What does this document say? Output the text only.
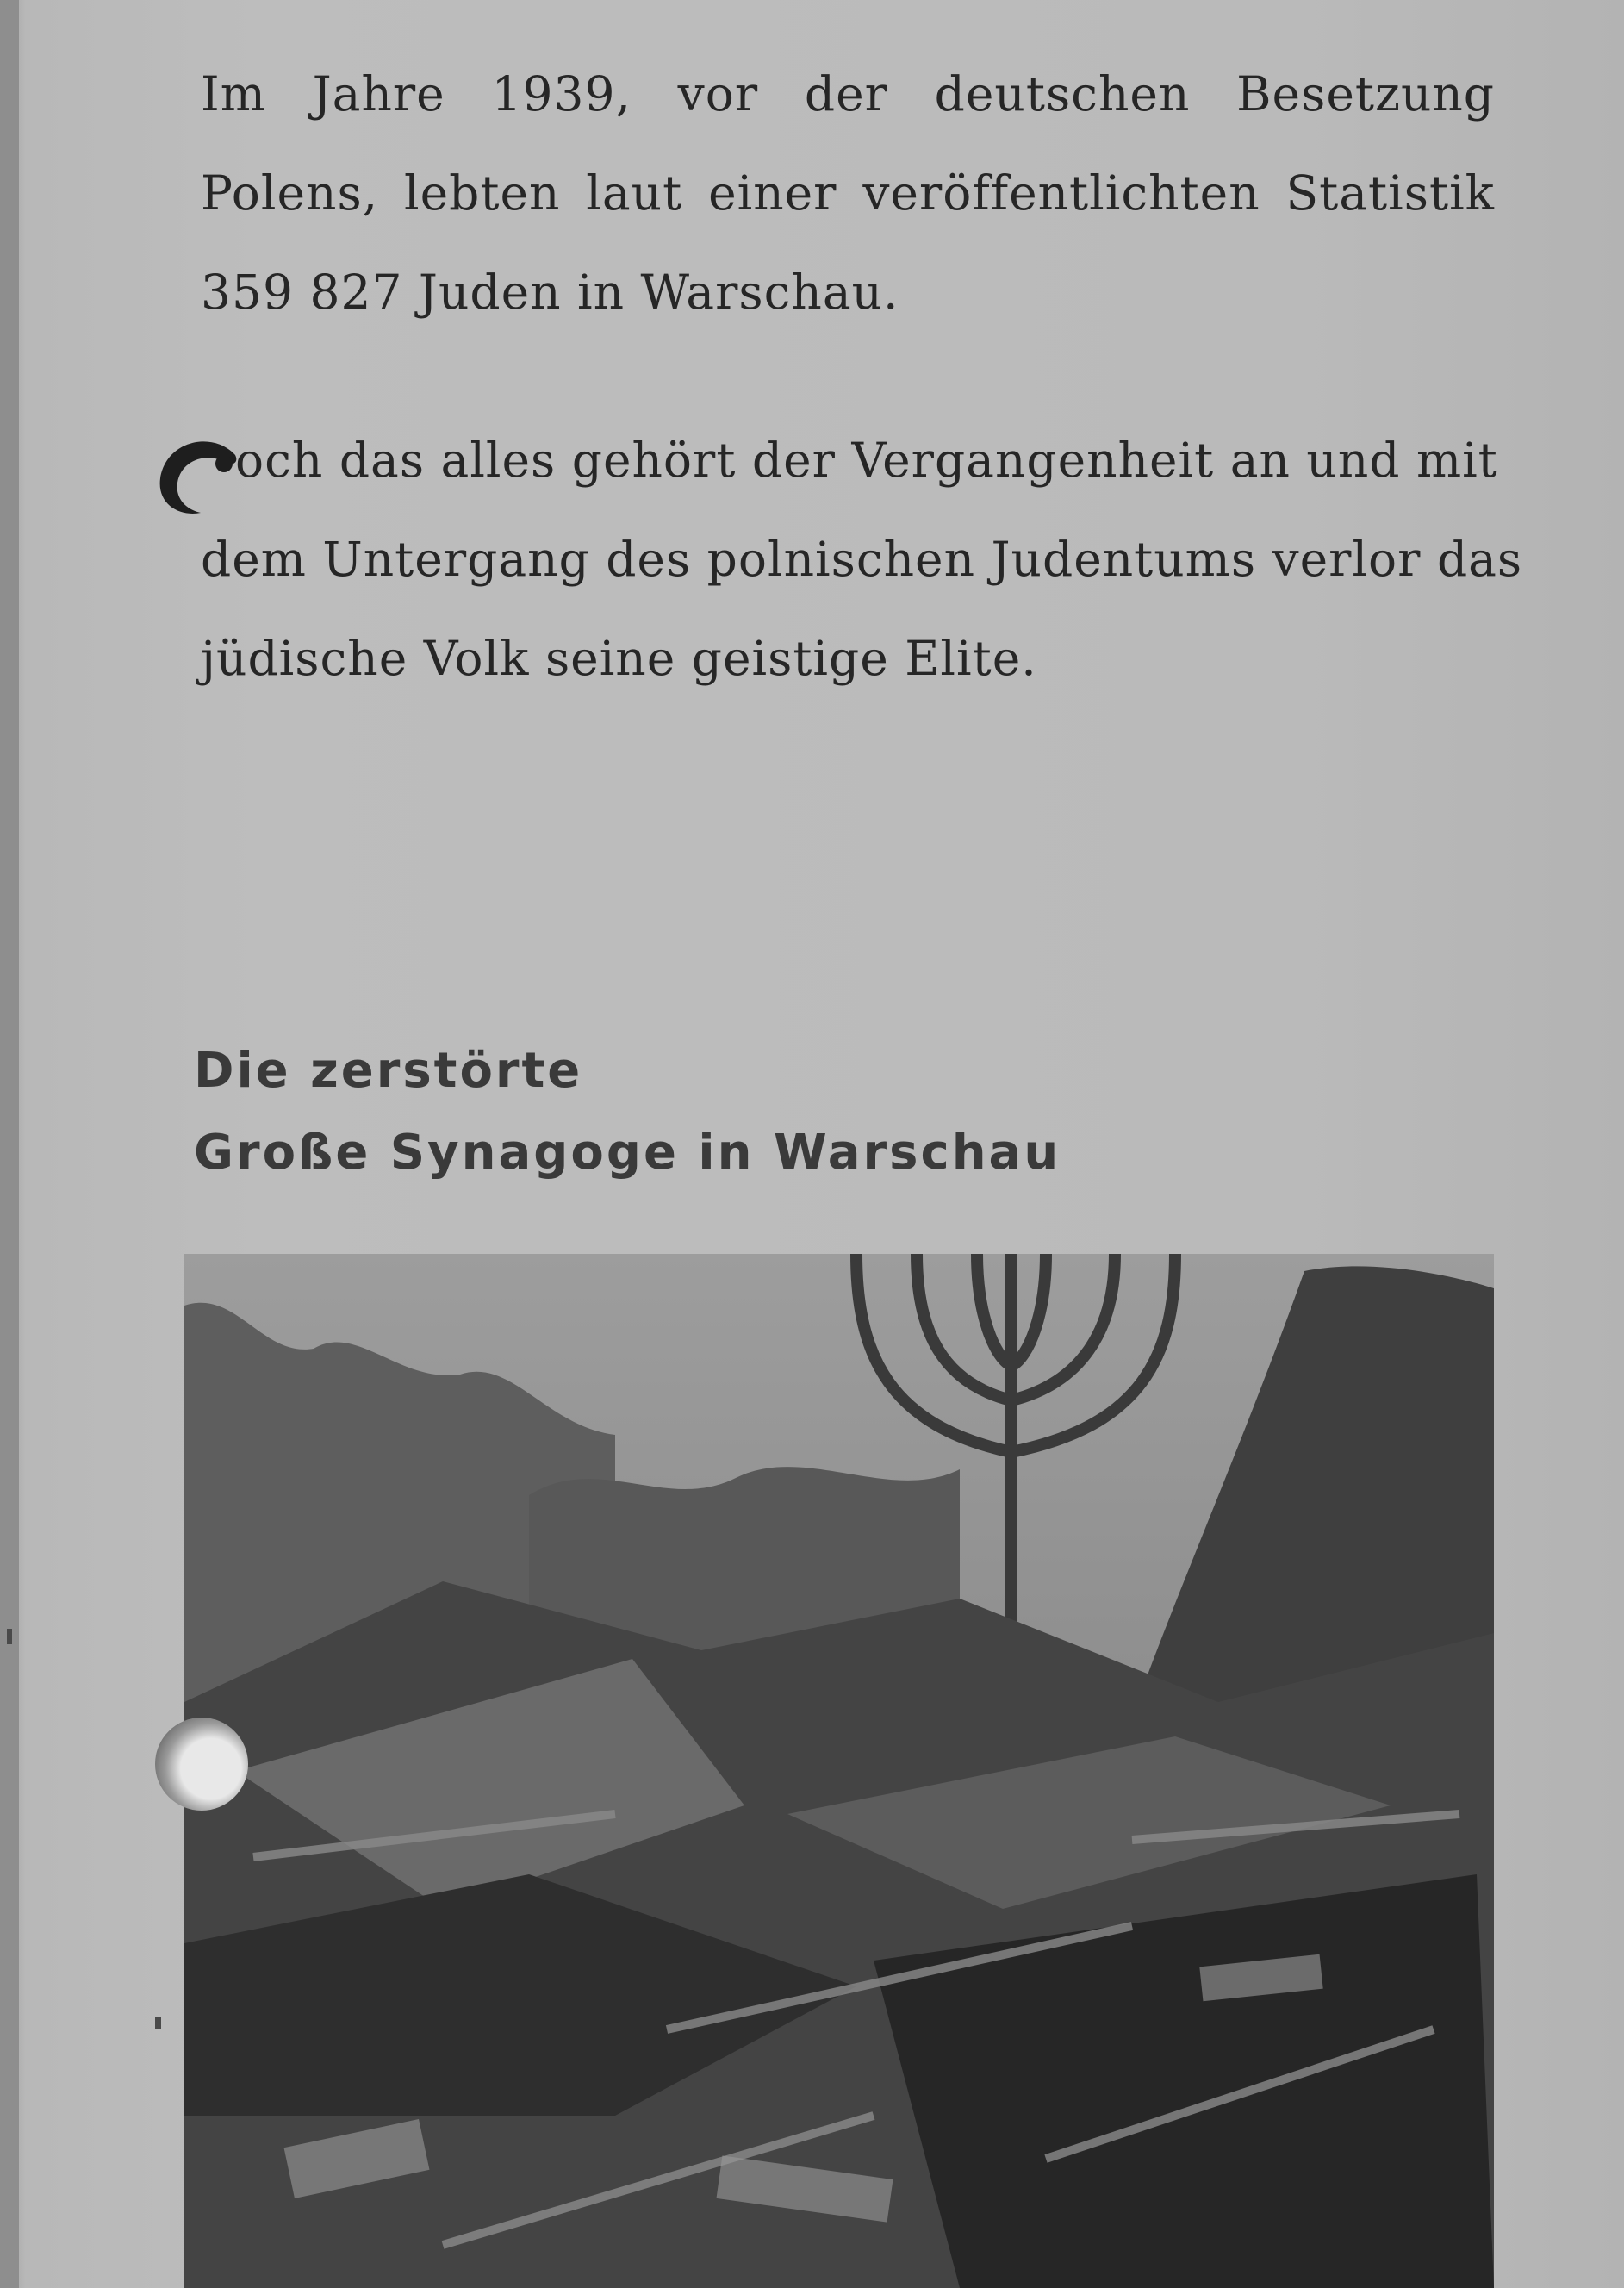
Im Jahre 1939, vor der deutschen Besetzung
Polens, lebten laut einer veröffentlichten Statistik
359 827 Juden in Warschau.
och das alles gehört der Vergangenheit an und mit
dem Untergang des polnischen Judentums verlor das
jüdische Volk seine geistige Elite.
Die zerstörte
Große Synagoge in Warschau
